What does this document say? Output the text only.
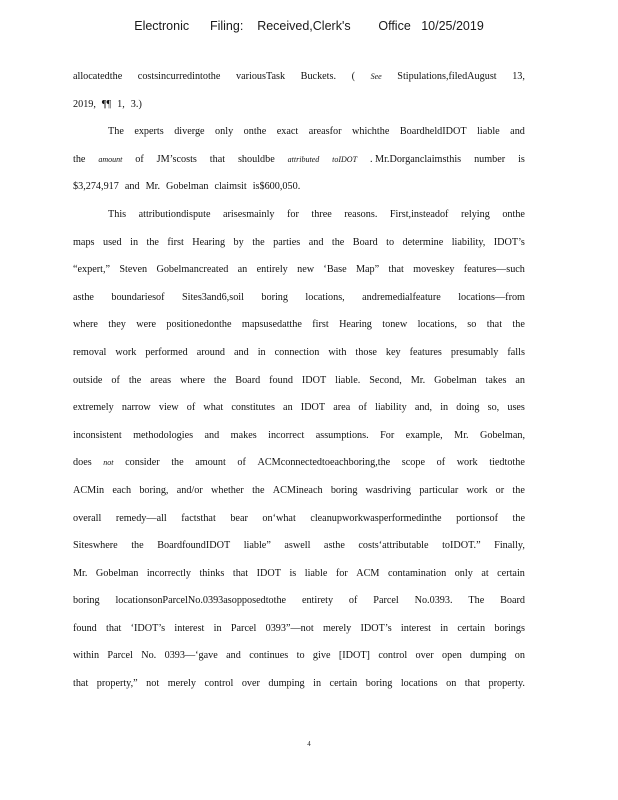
Electronic      Filing:    Received,Clerk's        Office   10/25/2019
allocatedthe costsincurredintothe variousTask Buckets. ( See Stipulations,filedAugust 13,
2019, ¶¶ 1, 3.)
The experts diverge only onthe exact areasfor whichthe BoardheldIDOT liable and
the amount of JM’scosts that shouldbe attributed toIDOT . Mr.Dorganclaimsthis number is
$3,274,917 and Mr. Gobelman claimsit is$600,050.
This attributiondispute arisesmainly for three reasons. First,insteadof relying onthe
maps used in the first Hearing by the parties and the Board to determine liability, IDOT’s
“expert,” Steven Gobelmancreated an entirely new ‘Base Map” that moveskey features—such
asthe boundariesof Sites3and6,soil boring locations, andremedialfeature locations—from
where they were positionedonthe mapsusedatthe first Hearing tonew locations, so that the
removal work performed around and in connection with those key features presumably falls
outside of the areas where the Board found IDOT liable. Second, Mr. Gobelman takes an
extremely narrow view of what constitutes an IDOT area of liability and, in doing so, uses
inconsistent methodologies and makes incorrect assumptions. For example, Mr. Gobelman,
does not consider the amount of ACMconnectedtoeachboring,the scope of work tiedtothe
ACMin each boring, and/or whether the ACMineach boring wasdriving particular work or the
overall remedy—all factsthat bear on‘what cleanupworkwasperformedinthe portionsof the
Siteswhere the BoardfoundIDOT liable” aswell asthe costs‘attributable toIDOT.” Finally,
Mr. Gobelman incorrectly thinks that IDOT is liable for ACM contamination only at certain
boring locationsonParcelNo.0393asopposedtothe entirety of Parcel No.0393. The Board
found that ‘IDOT’s interest in Parcel 0393”—not merely IDOT’s interest in certain borings
within Parcel No. 0393—‘gave and continues to give [IDOT] control over open dumping on
that property,” not merely control over dumping in certain boring locations on that property.
4
